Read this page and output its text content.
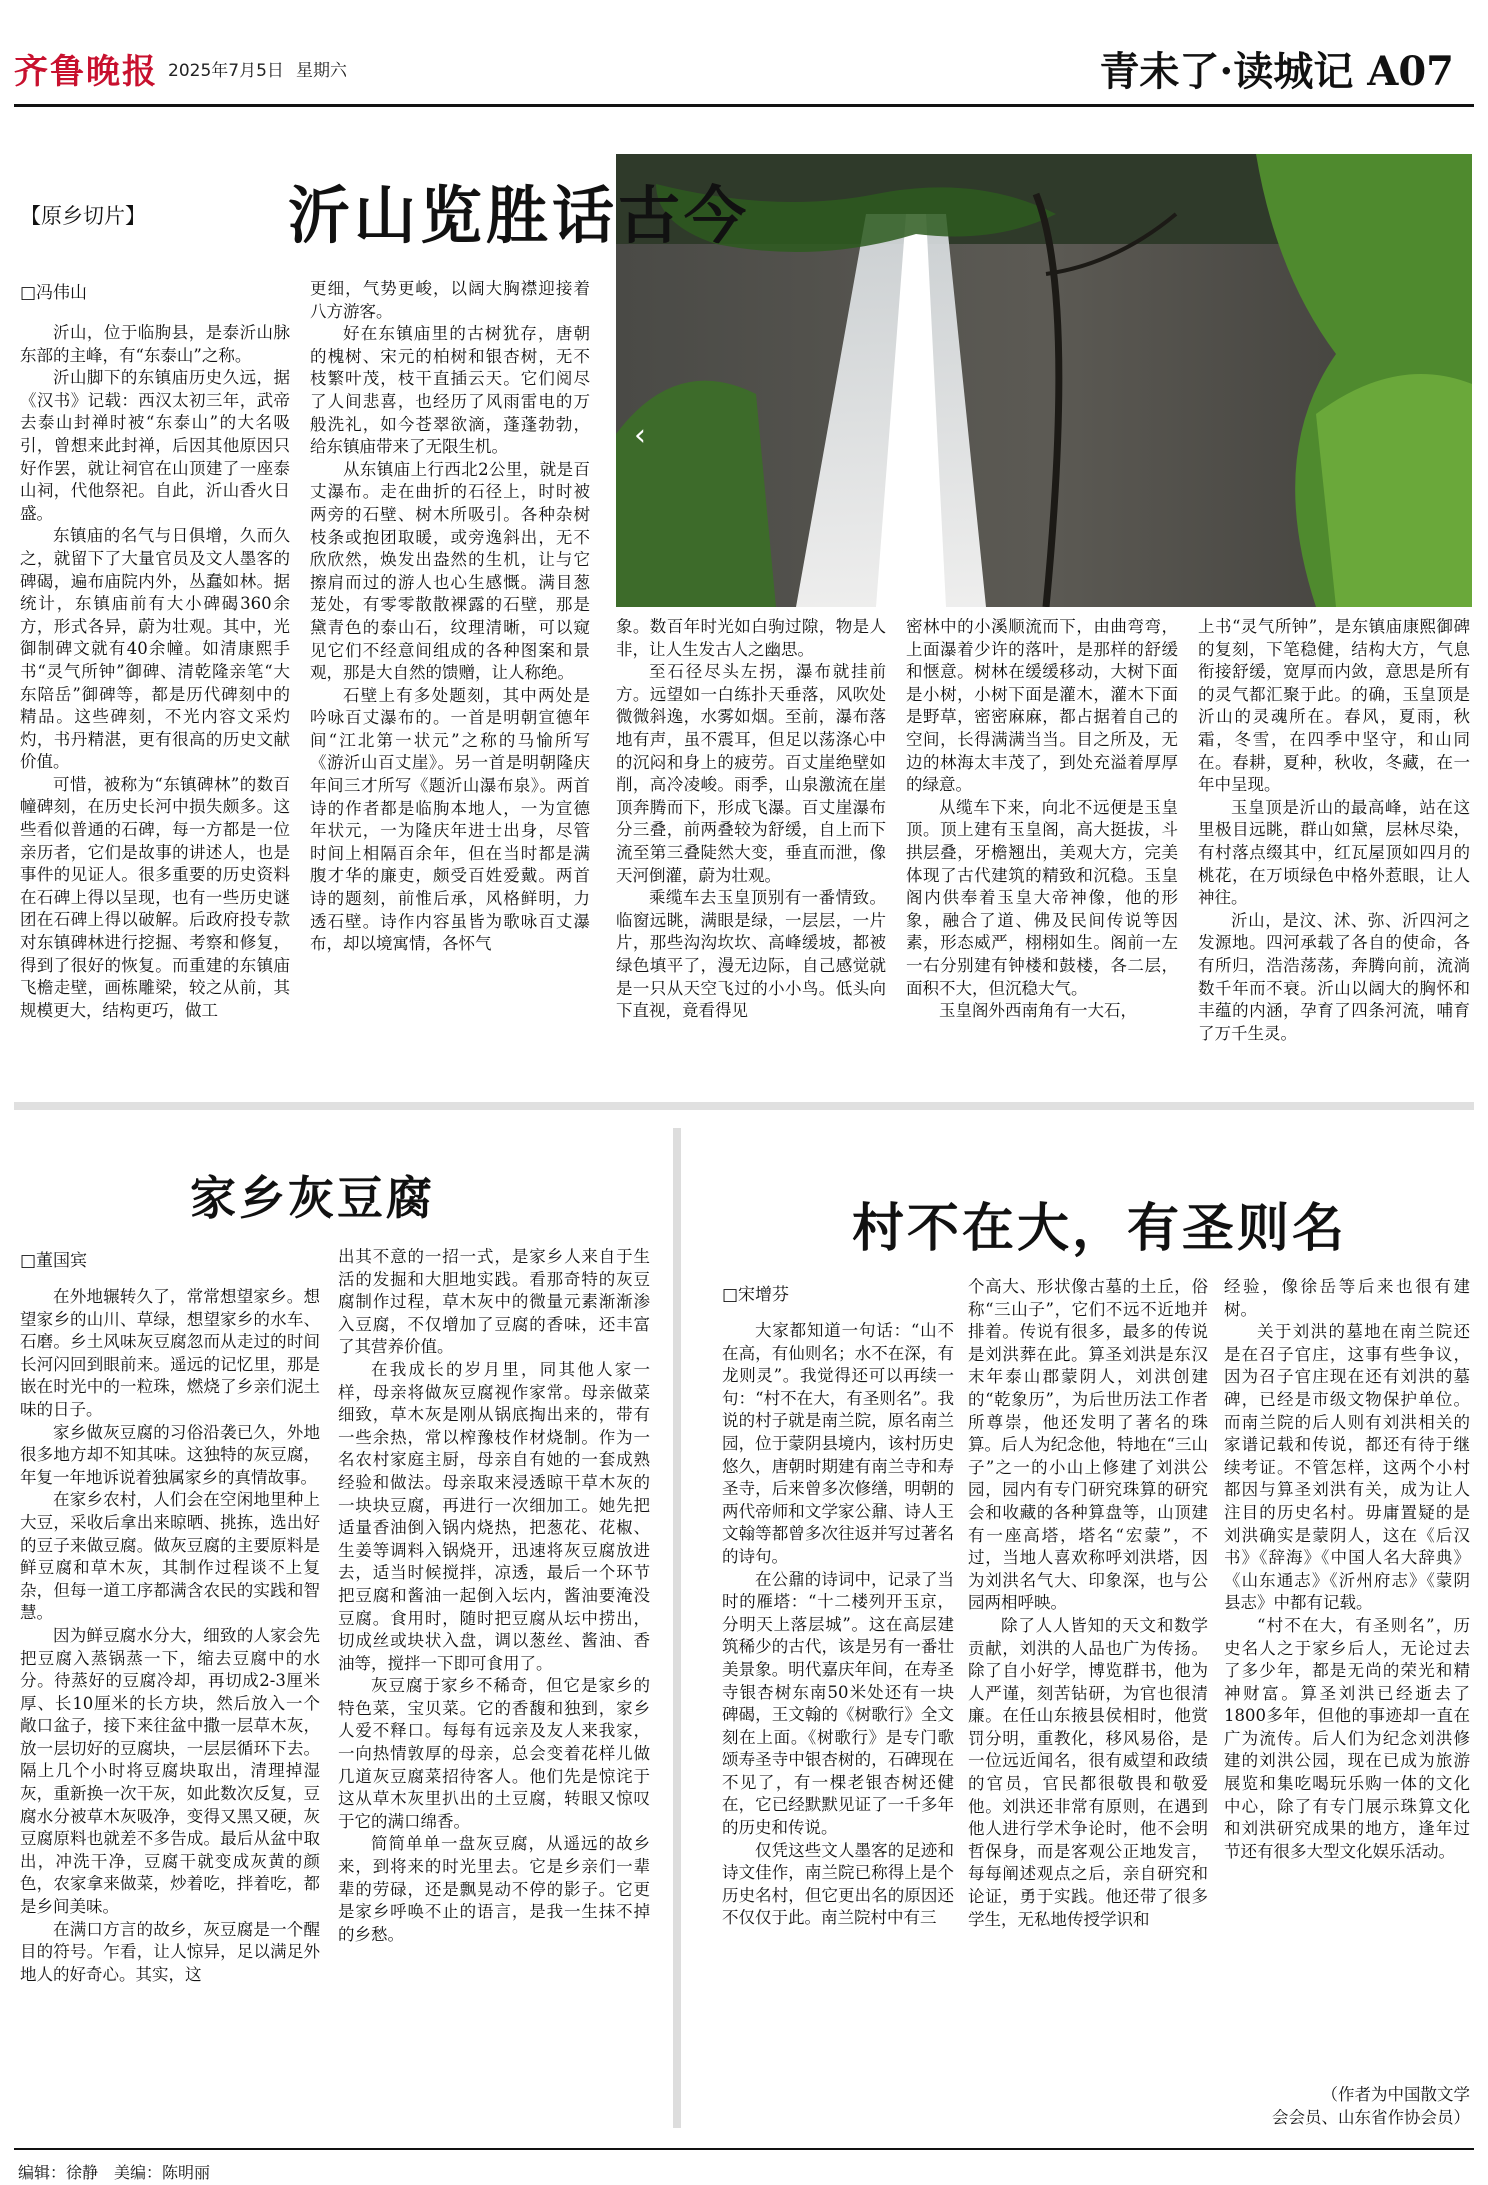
齐鲁晚报 2025年7月5日 星期六	青未了·读城记 A07
【原乡切片】 沂山览胜话古今
‹
□冯伟山

沂山，位于临朐县，是泰沂山脉东部的主峰，有“东泰山”之称。

沂山脚下的东镇庙历史久远，据《汉书》记载：西汉太初三年，武帝去泰山封禅时被“东泰山”的大名吸引，曾想来此封禅，后因其他原因只好作罢，就让祠官在山顶建了一座泰山祠，代他祭祀。自此，沂山香火日盛。

东镇庙的名气与日俱增，久而久之，就留下了大量官员及文人墨客的碑碣，遍布庙院内外，丛蠢如林。据统计，东镇庙前有大小碑碣360余方，形式各异，蔚为壮观。其中，光御制碑文就有40余幢。如清康熙手书“灵气所钟”御碑、清乾隆亲笔“大东陪岳”御碑等，都是历代碑刻中的精品。这些碑刻，不光内容文采灼灼，书丹精湛，更有很高的历史文献价值。

可惜，被称为“东镇碑林”的数百幢碑刻，在历史长河中损失颇多。这些看似普通的石碑，每一方都是一位亲历者，它们是故事的讲述人，也是事件的见证人。很多重要的历史资料在石碑上得以呈现，也有一些历史谜团在石碑上得以破解。后政府投专款对东镇碑林进行挖掘、考察和修复，得到了很好的恢复。而重建的东镇庙飞檐走壁，画栋雕梁，较之从前，其规模更大，结构更巧，做工

更细，气势更峻，以阔大胸襟迎接着八方游客。

好在东镇庙里的古树犹存，唐朝的槐树、宋元的柏树和银杏树，无不枝繁叶茂，枝干直插云天。它们阅尽了人间悲喜，也经历了风雨雷电的万般洗礼，如今苍翠欲滴，蓬蓬勃勃，给东镇庙带来了无限生机。

从东镇庙上行西北2公里，就是百丈瀑布。走在曲折的石径上，时时被两旁的石壁、树木所吸引。各种杂树枝条或抱团取暖，或旁逸斜出，无不欣欣然，焕发出盎然的生机，让与它擦肩而过的游人也心生感慨。满目葱茏处，有零零散散裸露的石壁，那是黛青色的泰山石，纹理清晰，可以窥见它们不经意间组成的各种图案和景观，那是大自然的馈赠，让人称绝。

石壁上有多处题刻，其中两处是吟咏百丈瀑布的。一首是明朝宣德年间“江北第一状元”之称的马愉所写《游沂山百丈崖》。另一首是明朝隆庆年间三才所写《题沂山瀑布泉》。两首诗的作者都是临朐本地人，一为宣德年状元，一为隆庆年进士出身，尽管时间上相隔百余年，但在当时都是满腹才华的廉吏，颇受百姓爱戴。两首诗的题刻，前惟后承，风格鲜明，力透石壁。诗作内容虽皆为歌咏百丈瀑布，却以境寓情，各怀气

象。数百年时光如白驹过隙，物是人非，让人生发古人之幽思。

至石径尽头左拐，瀑布就挂前方。远望如一白练扑天垂落，风吹处微微斜逸，水雾如烟。至前，瀑布落地有声，虽不震耳，但足以荡涤心中的沉闷和身上的疲劳。百丈崖绝壁如削，高冷凌峻。雨季，山泉激流在崖顶奔腾而下，形成飞瀑。百丈崖瀑布分三叠，前两叠较为舒缓，自上而下流至第三叠陡然大变，垂直而泄，像天河倒灌，蔚为壮观。

乘缆车去玉皇顶别有一番情致。临窗远眺，满眼是绿，一层层，一片片，那些沟沟坎坎、高峰缓坡，都被绿色填平了，漫无边际，自己感觉就是一只从天空飞过的小小鸟。低头向下直视，竟看得见

密林中的小溪顺流而下，由曲弯弯，上面瀑着少许的落叶，是那样的舒缓和惬意。树林在缓缓移动，大树下面是小树，小树下面是灌木，灌木下面是野草，密密麻麻，都占据着自己的空间，长得满满当当。目之所及，无边的林海太丰茂了，到处充溢着厚厚的绿意。

从缆车下来，向北不远便是玉皇顶。顶上建有玉皇阁，高大挺拔，斗拱层叠，牙檐翘出，美观大方，完美体现了古代建筑的精致和沉稳。玉皇阁内供奉着玉皇大帝神像，他的形象，融合了道、佛及民间传说等因素，形态威严，栩栩如生。阁前一左一右分别建有钟楼和鼓楼，各二层，面积不大，但沉稳大气。

玉皇阁外西南角有一大石，

上书“灵气所钟”，是东镇庙康熙御碑的复刻，下笔稳健，结构大方，气息衔接舒缓，宽厚而内敛，意思是所有的灵气都汇聚于此。的确，玉皇顶是沂山的灵魂所在。春风，夏雨，秋霜，冬雪，在四季中坚守，和山同在。春耕，夏种，秋收，冬藏，在一年中呈现。

玉皇顶是沂山的最高峰，站在这里极目远眺，群山如黛，层林尽染，有村落点缀其中，红瓦屋顶如四月的桃花，在万顷绿色中格外惹眼，让人神往。

沂山，是汶、沭、弥、沂四河之发源地。四河承载了各自的使命，各有所归，浩浩荡荡，奔腾向前，流淌数千年而不衰。沂山以阔大的胸怀和丰蕴的内涵，孕育了四条河流，哺育了万千生灵。

家乡灰豆腐
□董国宾

在外地辗转久了，常常想望家乡。想望家乡的山川、草绿，想望家乡的水车、石磨。乡土风味灰豆腐忽而从走过的时间长河闪回到眼前来。遥远的记忆里，那是嵌在时光中的一粒珠，燃烧了乡亲们泥土味的日子。

家乡做灰豆腐的习俗沿袭已久，外地很多地方却不知其味。这独特的灰豆腐，年复一年地诉说着独属家乡的真情故事。

在家乡农村，人们会在空闲地里种上大豆，采收后拿出来晾晒、挑拣，选出好的豆子来做豆腐。做灰豆腐的主要原料是鲜豆腐和草木灰，其制作过程谈不上复杂，但每一道工序都满含农民的实践和智慧。

因为鲜豆腐水分大，细致的人家会先把豆腐入蒸锅蒸一下，缩去豆腐中的水分。待蒸好的豆腐冷却，再切成2-3厘米厚、长10厘米的长方块，然后放入一个敞口盆子，接下来往盆中撒一层草木灰，放一层切好的豆腐块，一层层循环下去。隔上几个小时将豆腐块取出，清理掉湿灰，重新换一次干灰，如此数次反复，豆腐水分被草木灰吸净，变得又黑又硬，灰豆腐原料也就差不多告成。最后从盆中取出，冲洗干净，豆腐干就变成灰黄的颜色，农家拿来做菜，炒着吃，拌着吃，都是乡间美味。

在满口方言的故乡，灰豆腐是一个醒目的符号。乍看，让人惊异，足以满足外地人的好奇心。其实，这

出其不意的一招一式，是家乡人来自于生活的发掘和大胆地实践。看那奇特的灰豆腐制作过程，草木灰中的微量元素渐渐渗入豆腐，不仅增加了豆腐的香味，还丰富了其营养价值。

在我成长的岁月里，同其他人家一样，母亲将做灰豆腐视作家常。母亲做菜细致，草木灰是刚从锅底掏出来的，带有一些余热，常以榨豫枝作材烧制。作为一名农村家庭主厨，母亲自有她的一套成熟经验和做法。母亲取来浸透晾干草木灰的一块块豆腐，再进行一次细加工。她先把适量香油倒入锅内烧热，把葱花、花椒、生姜等调料入锅烧开，迅速将灰豆腐放进去，适当时候搅拌，凉透，最后一个环节把豆腐和酱油一起倒入坛内，酱油要淹没豆腐。食用时，随时把豆腐从坛中捞出，切成丝或块状入盘，调以葱丝、酱油、香油等，搅拌一下即可食用了。

灰豆腐于家乡不稀奇，但它是家乡的特色菜，宝贝菜。它的香馥和独到，家乡人爱不释口。每每有远亲及友人来我家，一向热情敦厚的母亲，总会变着花样儿做几道灰豆腐菜招待客人。他们先是惊诧于这从草木灰里扒出的土豆腐，转眼又惊叹于它的满口绵香。

简简单单一盘灰豆腐，从遥远的故乡来，到将来的时光里去。它是乡亲们一辈辈的劳碌，还是飘晃动不停的影子。它更是家乡呼唤不止的语言，是我一生抹不掉的乡愁。

村不在大，有圣则名
□宋增芬

大家都知道一句话：“山不在高，有仙则名；水不在深，有龙则灵”。我觉得还可以再续一句：“村不在大，有圣则名”。我说的村子就是南兰院，原名南兰园，位于蒙阴县境内，该村历史悠久，唐朝时期建有南兰寺和寿圣寺，后来曾多次修缮，明朝的两代帝师和文学家公鼐、诗人王文翰等都曾多次往返并写过著名的诗句。

在公鼐的诗词中，记录了当时的雁塔：“十二楼列开玉京，分明天上落层城”。这在高层建筑稀少的古代，该是另有一番壮美景象。明代嘉庆年间，在寿圣寺银杏树东南50米处还有一块碑碣，王文翰的《树歌行》全文刻在上面。《树歌行》是专门歌颂寿圣寺中银杏树的，石碑现在不见了，有一棵老银杏树还健在，它已经默默见证了一千多年的历史和传说。

仅凭这些文人墨客的足迹和诗文佳作，南兰院已称得上是个历史名村，但它更出名的原因还不仅仅于此。南兰院村中有三

个高大、形状像古墓的土丘，俗称“三山子”，它们不远不近地并排着。传说有很多，最多的传说是刘洪葬在此。算圣刘洪是东汉末年泰山郡蒙阴人，刘洪创建的“乾象历”，为后世历法工作者所尊崇，他还发明了著名的珠算。后人为纪念他，特地在“三山子”之一的小山上修建了刘洪公园，园内有专门研究珠算的研究会和收藏的各种算盘等，山顶建有一座高塔，塔名“宏蒙”，不过，当地人喜欢称呼刘洪塔，因为刘洪名气大、印象深，也与公园两相呼映。

除了人人皆知的天文和数学贡献，刘洪的人品也广为传扬。除了自小好学，博览群书，他为人严谨，刻苦钻研，为官也很清廉。在任山东掖县侯相时，他赏罚分明，重教化，移风易俗，是一位远近闻名，很有威望和政绩的官员，官民都很敬畏和敬爱他。刘洪还非常有原则，在遇到他人进行学术争论时，他不会明哲保身，而是客观公正地发言，每每阐述观点之后，亲自研究和论证，勇于实践。他还带了很多学生，无私地传授学识和

经验，像徐岳等后来也很有建树。

关于刘洪的墓地在南兰院还是在召子官庄，这事有些争议，因为召子官庄现在还有刘洪的墓碑，已经是市级文物保护单位。而南兰院的后人则有刘洪相关的家谱记载和传说，都还有待于继续考证。不管怎样，这两个小村都因与算圣刘洪有关，成为让人注目的历史名村。毋庸置疑的是刘洪确实是蒙阴人，这在《后汉书》《辞海》《中国人名大辞典》《山东通志》《沂州府志》《蒙阴县志》中都有记载。

“村不在大，有圣则名”，历史名人之于家乡后人，无论过去了多少年，都是无尚的荣光和精神财富。算圣刘洪已经逝去了1800多年，但他的事迹却一直在广为流传。后人们为纪念刘洪修建的刘洪公园，现在已成为旅游展览和集吃喝玩乐购一体的文化中心，除了有专门展示珠算文化和刘洪研究成果的地方，逢年过节还有很多大型文化娱乐活动。

（作者为中国散文学
会会员、山东省作协会员）
编辑：徐静　美编：陈明丽
